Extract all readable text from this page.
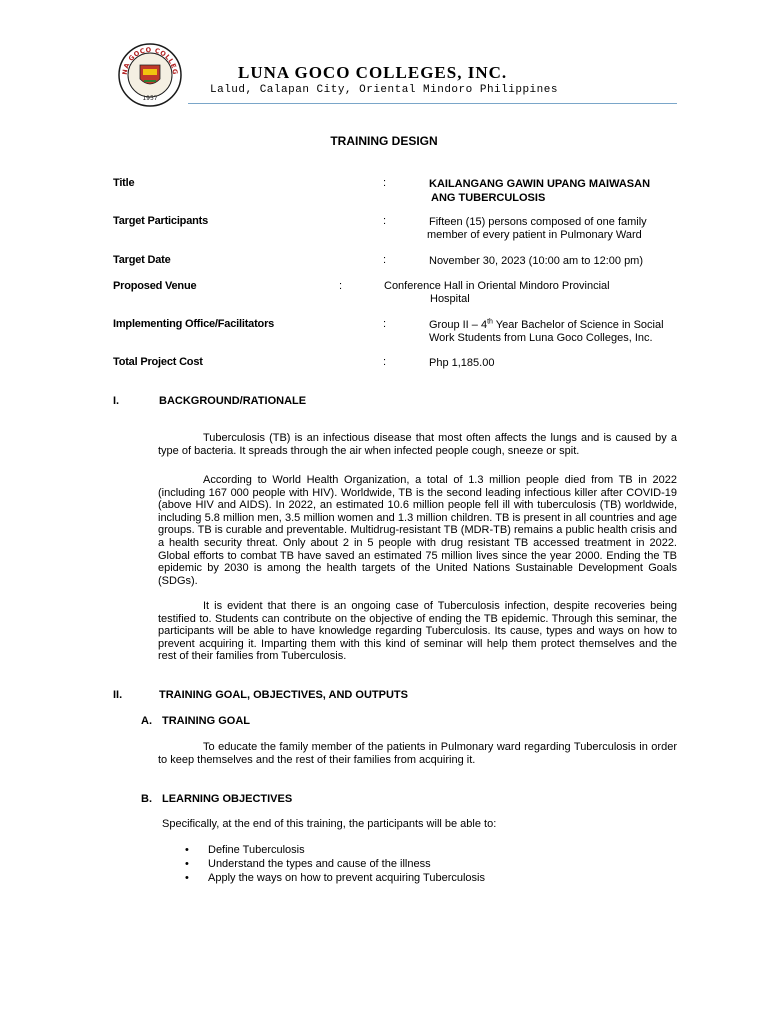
NA GOCO COLLEG
1957
LUNA GOCO COLLEGES, INC.
Lalud, Calapan City, Oriental Mindoro Philippines
TRAINING DESIGN
Title	:	KAILANGANG GAWIN UPANG MAIWASAN
ANG TUBERCULOSIS
Target Participants	:	Fifteen (15) persons composed of one family
member of every patient in Pulmonary Ward
Target Date	:	November 30, 2023 (10:00 am to 12:00 pm)
Proposed Venue	:	Conference Hall in Oriental Mindoro Provincial
Hospital
Implementing Office/Facilitators	:	Group II – 4th Year Bachelor of Science in Social
Work Students from Luna Goco Colleges, Inc.
Total Project Cost	:	Php 1,185.00
I.	BACKGROUND/RATIONALE
Tuberculosis (TB) is an infectious disease that most often affects the lungs and is caused by a type of bacteria. It spreads through the air when infected people cough, sneeze or spit.
According to World Health Organization, a total of 1.3 million people died from TB in 2022 (including 167 000 people with HIV). Worldwide, TB is the second leading infectious killer after COVID-19 (above HIV and AIDS). In 2022, an estimated 10.6 million people fell ill with tuberculosis (TB) worldwide, including 5.8 million men, 3.5 million women and 1.3 million children. TB is present in all countries and age groups. TB is curable and preventable. Multidrug-resistant TB (MDR-TB) remains a public health crisis and a health security threat. Only about 2 in 5 people with drug resistant TB accessed treatment in 2022. Global efforts to combat TB have saved an estimated 75 million lives since the year 2000. Ending the TB epidemic by 2030 is among the health targets of the United Nations Sustainable Development Goals (SDGs).
It is evident that there is an ongoing case of Tuberculosis infection, despite recoveries being testified to. Students can contribute on the objective of ending the TB epidemic. Through this seminar, the participants will be able to have knowledge regarding Tuberculosis. Its cause, types and ways on how to prevent acquiring it. Imparting them with this kind of seminar will help them protect themselves and the rest of their families from Tuberculosis.
II.	TRAINING GOAL, OBJECTIVES, AND OUTPUTS
A. TRAINING GOAL
To educate the family member of the patients in Pulmonary ward regarding Tuberculosis in order to keep themselves and the rest of their families from acquiring it.
B. LEARNING OBJECTIVES
Specifically, at the end of this training, the participants will be able to:
• Define Tuberculosis
• Understand the types and cause of the illness
• Apply the ways on how to prevent acquiring Tuberculosis
